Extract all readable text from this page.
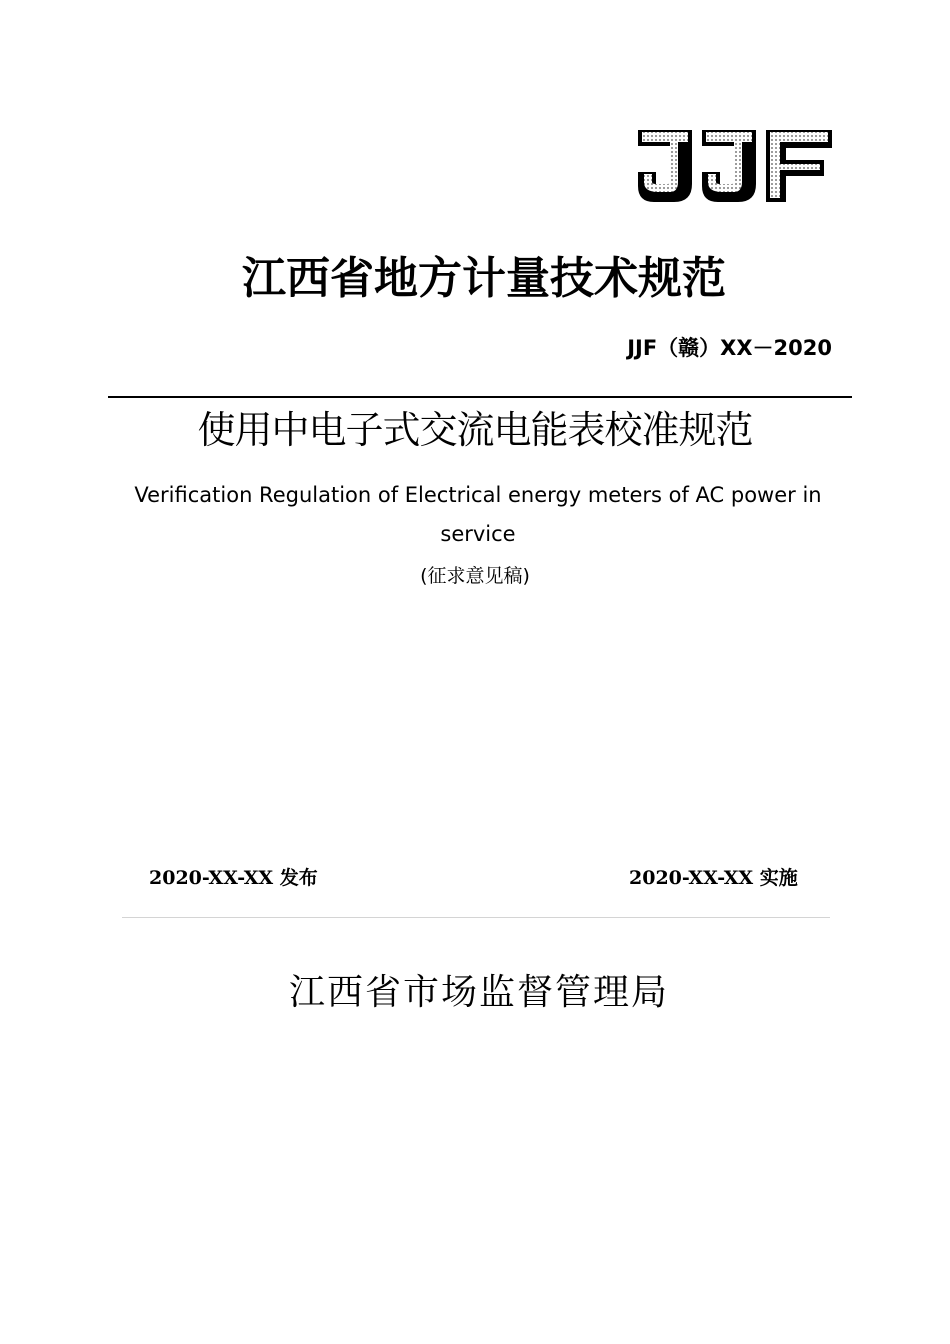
江西省地方计量技术规范
JJF（赣）XX－2020
使用中电子式交流电能表校准规范
Verification Regulation of Electrical energy meters of AC power in service
(征求意见稿)
2020-XX-XX 发布	2020-XX-XX 实施
江西省市场监督管理局
